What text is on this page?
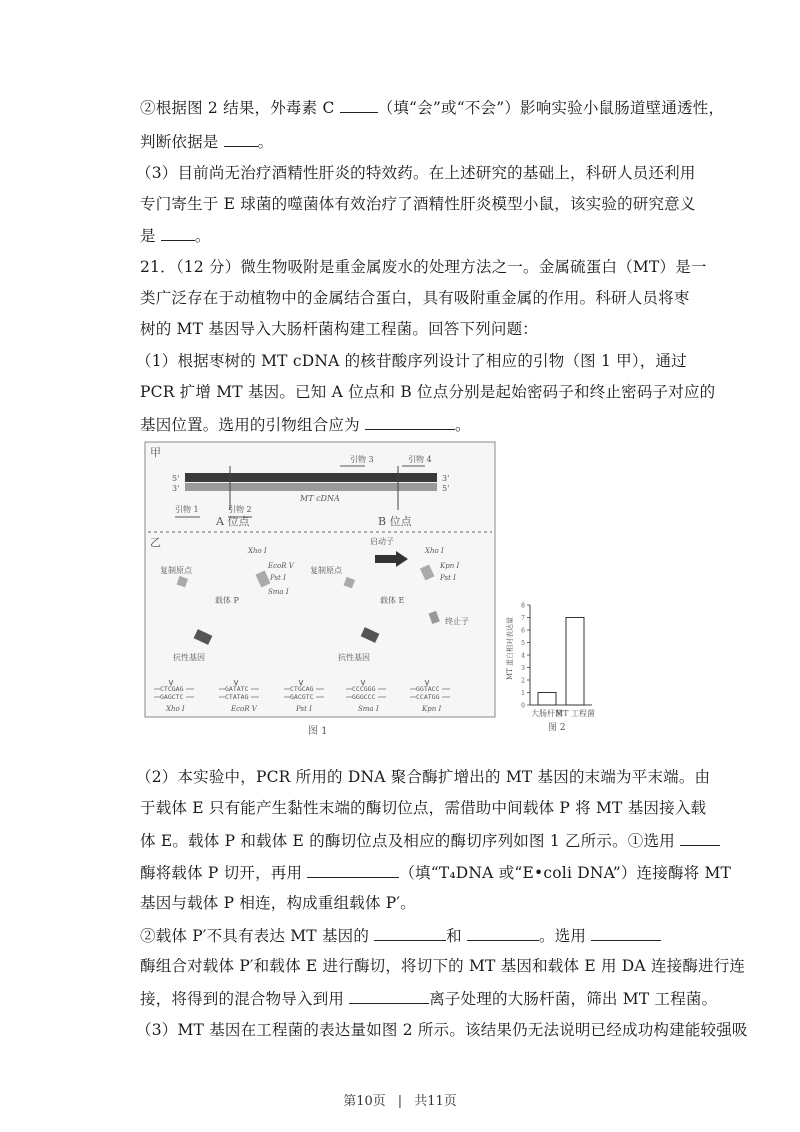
②根据图 2 结果，外毒素 C （填“会”或“不会”）影响实验小鼠肠道壁通透性，
判断依据是 。
（3）目前尚无治疗酒精性肝炎的特效药。在上述研究的基础上，科研人员还利用
专门寄生于 E 球菌的噬菌体有效治疗了酒精性肝炎模型小鼠，该实验的研究意义
是 。
21．（12 分）微生物吸附是重金属废水的处理方法之一。金属硫蛋白（MT）是一
类广泛存在于动植物中的金属结合蛋白，具有吸附重金属的作用。科研人员将枣
树的 MT 基因导入大肠杆菌构建工程菌。回答下列问题：
（1）根据枣树的 MT cDNA 的核苷酸序列设计了相应的引物（图 1 甲），通过
PCR 扩增 MT 基因。已知 A 位点和 B 位点分别是起始密码子和终止密码子对应的
基因位置。选用的引物组合应为	。
（2）本实验中，PCR 所用的 DNA 聚合酶扩增出的 MT 基因的末端为平末端。由
于载体 E 只有能产生黏性末端的酶切位点，需借助中间载体 P 将 MT 基因接入载
体 E。载体 P 和载体 E 的酶切位点及相应的酶切序列如图 1 乙所示。①选用
酶将载体 P 切开，再用	（填“T₄DNA 或“E•coli DNA”）连接酶将 MT
基因与载体 P 相连，构成重组载体 P′。
②载体 P′不具有表达 MT 基因的	和	。选用
酶组合对载体 P′和载体 E 进行酶切，将切下的 MT 基因和载体 E 用 DA 连接酶进行连
接，将得到的混合物导入到用	离子处理的大肠杆菌，筛出 MT 工程菌。
（3）MT 基因在工程菌的表达量如图 2 所示。该结果仍无法说明已经成功构建能较强吸
甲
5'
3'
3'
5'
MT cDNA
引物 3	引物 4
引物 1	引物 2
A 位点	B 位点
乙
复制原点
Xho I
EcoR V
Pst I
Sma I
载体 P
复制原点
启动子
Xho I
Kpn I
Pst I
载体 E
终止子
抗性基因	抗性基因
CTCGAG
GAGCTC
Xho I
GATATC
CTATAG
EcoR V
CTGCAG
GACGTC
Pst I
CCCGGG
GGGCCC
Sma I
GGTACC
CCATGG
Kpn I
图 1
0
1
2
3
4
5
6
7
8
大肠杆菌
MT 工程菌
MT 蛋白相对表达量
图 2
第10页 | 共11页
